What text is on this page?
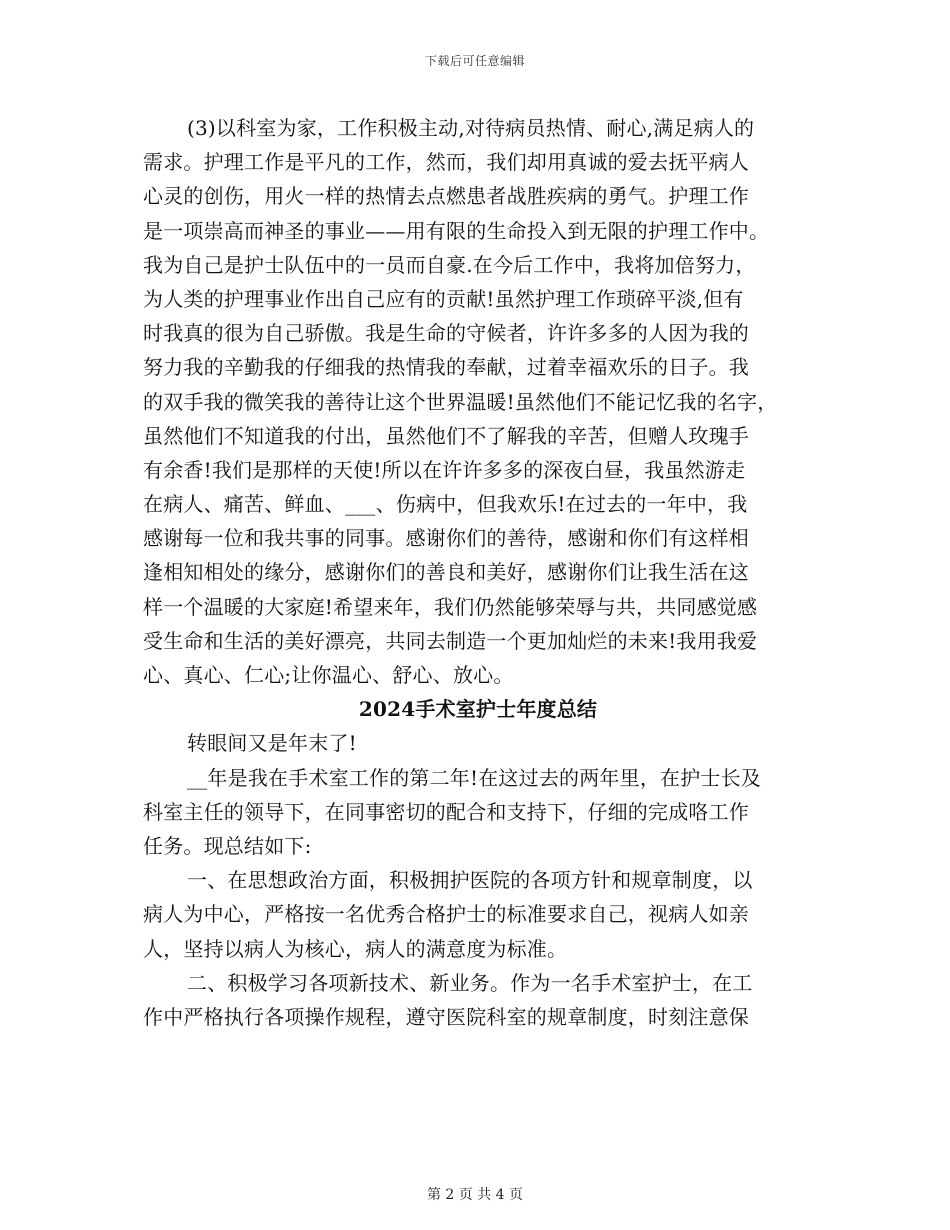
下载后可任意编辑
(3)以科室为家，工作积极主动,对待病员热情、耐心,满足病人的
需求。护理工作是平凡的工作，然而，我们却用真诚的爱去抚平病人
心灵的创伤，用火一样的热情去点燃患者战胜疾病的勇气。护理工作
是一项崇高而神圣的事业——用有限的生命投入到无限的护理工作中。
我为自己是护士队伍中的一员而自豪.在今后工作中，我将加倍努力，
为人类的护理事业作出自己应有的贡献!虽然护理工作琐碎平淡,但有
时我真的很为自己骄傲。我是生命的守候者，许许多多的人因为我的
努力我的辛勤我的仔细我的热情我的奉献，过着幸福欢乐的日子。我
的双手我的微笑我的善待让这个世界温暖!虽然他们不能记忆我的名字，
虽然他们不知道我的付出，虽然他们不了解我的辛苦，但赠人玫瑰手
有余香!我们是那样的天使!所以在许许多多的深夜白昼，我虽然游走
在病人、痛苦、鲜血、___、伤病中，但我欢乐!在过去的一年中，我
感谢每一位和我共事的同事。感谢你们的善待，感谢和你们有这样相
逢相知相处的缘分，感谢你们的善良和美好，感谢你们让我生活在这
样一个温暖的大家庭!希望来年，我们仍然能够荣辱与共，共同感觉感
受生命和生活的美好漂亮，共同去制造一个更加灿烂的未来!我用我爱
心、真心、仁心;让你温心、舒心、放心。
2024手术室护士年度总结
转眼间又是年末了!
__年是我在手术室工作的第二年!在这过去的两年里，在护士长及
科室主任的领导下，在同事密切的配合和支持下，仔细的完成咯工作
任务。现总结如下:
一、在思想政治方面，积极拥护医院的各项方针和规章制度，以
病人为中心，严格按一名优秀合格护士的标准要求自己，视病人如亲
人，坚持以病人为核心，病人的满意度为标准。
二、积极学习各项新技术、新业务。作为一名手术室护士，在工
作中严格执行各项操作规程，遵守医院科室的规章制度，时刻注意保
第 2 页 共 4 页
